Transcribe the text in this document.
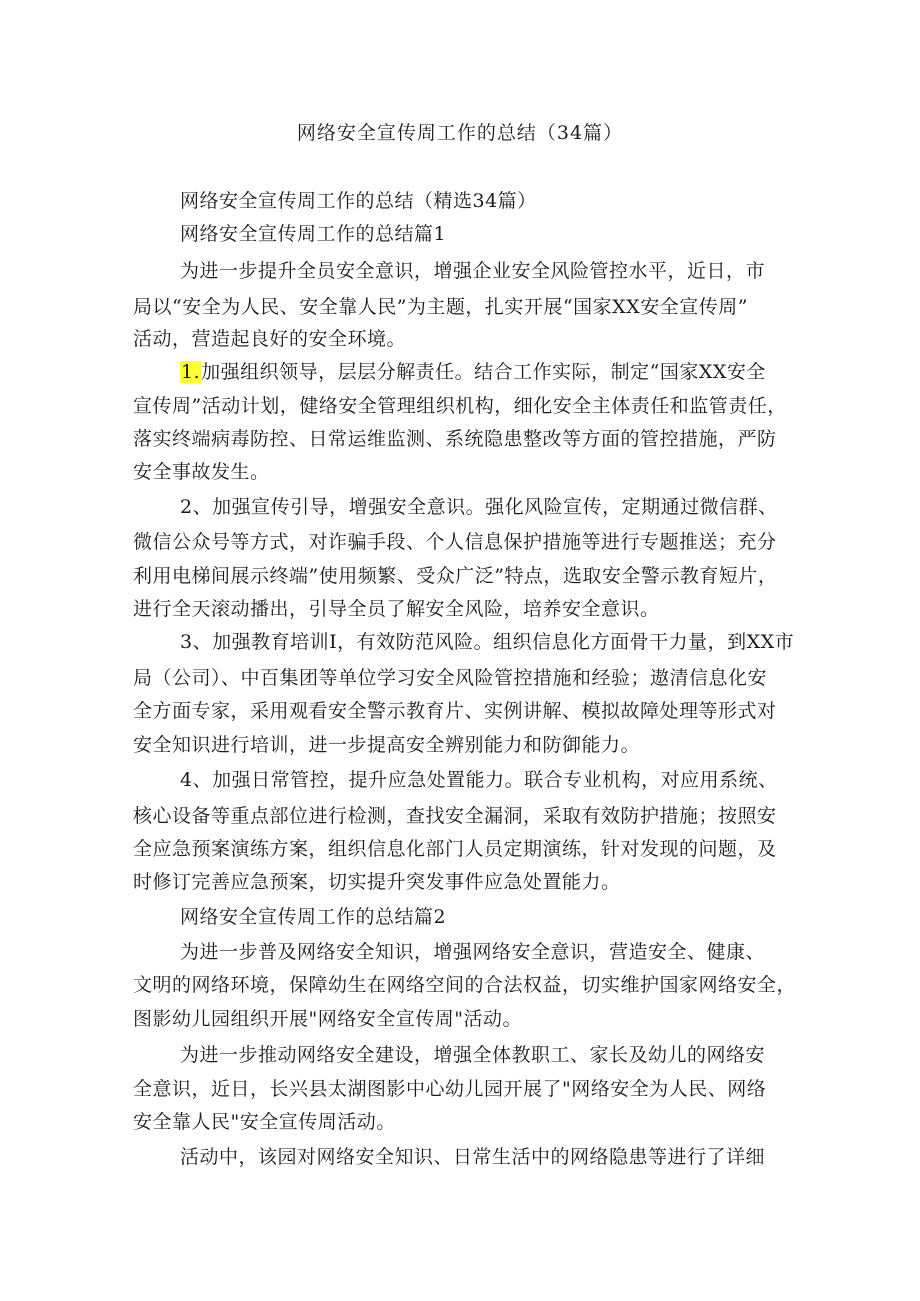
网络安全宣传周工作的总结（34篇）
网络安全宣传周工作的总结（精选34篇）
网络安全宣传周工作的总结篇1
为进一步提升全员安全意识，增强企业安全风险管控水平，近日，市
局以“安全为人民、安全靠人民”为主题，扎实开展“国家XX安全宣传周”
活动，营造起良好的安全环境。
1.加强组织领导，层层分解责任。结合工作实际，制定“国家XX安全
宣传周”活动计划，健络安全管理组织机构，细化安全主体责任和监管责任，
落实终端病毒防控、日常运维监测、系统隐患整改等方面的管控措施，严防
安全事故发生。
2、加强宣传引导，增强安全意识。强化风险宣传，定期通过微信群、
微信公众号等方式，对诈骗手段、个人信息保护措施等进行专题推送；充分
利用电梯间展示终端”使用频繁、受众广泛”特点，选取安全警示教育短片，
进行全天滚动播出，引导全员了解安全风险，培养安全意识。
3、加强教育培训I，有效防范风险。组织信息化方面骨干力量，到XX市
局（公司）、中百集团等单位学习安全风险管控措施和经验；遨清信息化安
全方面专家，采用观看安全警示教育片、实例讲解、模拟故障处理等形式对
安全知识进行培训，进一步提高安全辨别能力和防御能力。
4、加强日常管控，提升应急处置能力。联合专业机构，对应用系统、
核心设备等重点部位进行检测，查找安全漏洞，采取有效防护措施；按照安
全应急预案演练方案，组织信息化部门人员定期演练，针对发现的问题，及
时修订完善应急预案，切实提升突发事件应急处置能力。
网络安全宣传周工作的总结篇2
为进一步普及网络安全知识，增强网络安全意识，营造安全、健康、
文明的网络环境，保障幼生在网络空间的合法权益，切实维护国家网络安全，
图影幼儿园组织开展"网络安全宣传周"活动。
为进一步推动网络安全建设，增强全体教职工、家长及幼儿的网络安
全意识，近日，长兴县太湖图影中心幼儿园开展了"网络安全为人民、网络
安全靠人民"安全宣传周活动。
活动中，该园对网络安全知识、日常生活中的网络隐患等进行了详细
